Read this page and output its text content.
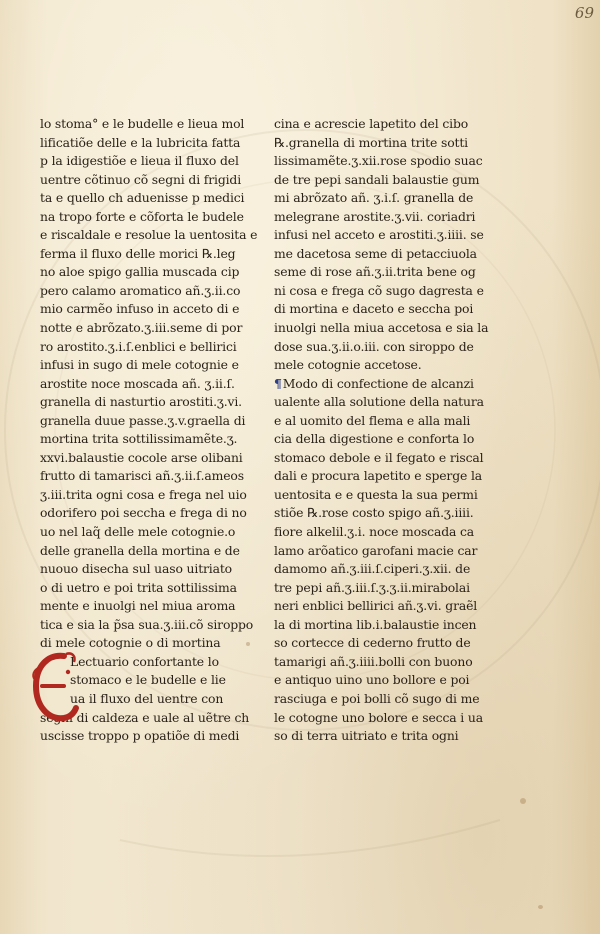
69
lo stoma° e le budelle e lieua mol
lificatiõe delle e la lubricita fatta
p la idigestiõe e lieua il fluxo del
uentre cõtinuo cõ segni di frigidi
ta e quello ch aduenisse p medici
na tropo forte e cõforta le budele
e riscaldale e resolue la uentosita e
ferma il fluxo delle morici ℞.leg
no aloe spigo gallia muscada cip
pero calamo aromatico añ.ʒ.ii.co
mio carmẽo infuso in acceto di e
notte e abrõzato.ʒ.iii.seme di por
ro arostito.ʒ.i.ſ.enblici e bellirici
infusi in sugo di mele cotognie e
arostite noce moscada añ. ʒ.ii.ſ.
granella di nasturtio arostiti.ʒ.vi.
granella duue passe.ʒ.v.graella di
mortina trita sottilissimamẽte.ʒ.
xxvi.balaustie cocole arse olibani
frutto di tamarisci añ.ʒ.ii.ſ.ameos
ʒ.iii.trita ogni cosa e frega nel uio
odorifero poi seccha e frega di no
uo nel laq̃ delle mele cotognie.o
delle granella della mortina e de
nuouo disecha sul uaso uitriato
o di uetro e poi trita sottilissima
mente e inuolgi nel miua aroma
tica e sia la p̃sa sua.ʒ.iii.cõ siroppo
di mele cotognie o di mortina
Lectuario confortante lo
stomaco e le budelle e lie
ua il fluxo del uentre con
segni di caldeza e uale al uẽtre ch
uscisse troppo p opatiõe di medi
cina e acrescie lapetito del cibo
℞.granella di mortina trite sotti
lissimamẽte.ʒ.xii.rose spodio suac
de tre pepi sandali balaustie gum
mi abrõzato añ. ʒ.i.ſ. granella de
melegrane arostite.ʒ.vii. coriadri
infusi nel acceto e arostiti.ʒ.iiii. se
me dacetosa seme di petacciuola
seme di rose añ.ʒ.ii.trita bene og
ni cosa e frega cõ sugo dagresta e
di mortina e daceto e seccha poi
inuolgi nella miua accetosa e sia la
dose sua.ʒ.ii.o.iii. con siroppo de
mele cotognie accetose.
¶Modo di confectione de alcanzi
ualente alla solutione della natura
e al uomito del flema e alla mali
cia della digestione e conforta lo
stomaco debole e il fegato e riscal
dali e procura lapetito e sperge la
uentosita e e questa la sua permi
stiõe ℞.rose costo spigo añ.ʒ.iiii.
fiore alkelil.ʒ.i. noce moscada ca
lamo arõatico garofani macie car
damomo añ.ʒ.iii.ſ.ciperi.ʒ.xii. de
tre pepi añ.ʒ.iii.ſ.ʒ.ʒ.ii.mirabolai
neri enblici bellirici añ.ʒ.vi. graẽl
la di mortina lib.i.balaustie incen
so cortecce di cederno frutto de
tamarigi añ.ʒ.iiii.bolli con buono
e antiquo uino uno bollore e poi
rasciuga e poi bolli cõ sugo di me
le cotogne uno bolore e secca i ua
so di terra uitriato e trita ogni
